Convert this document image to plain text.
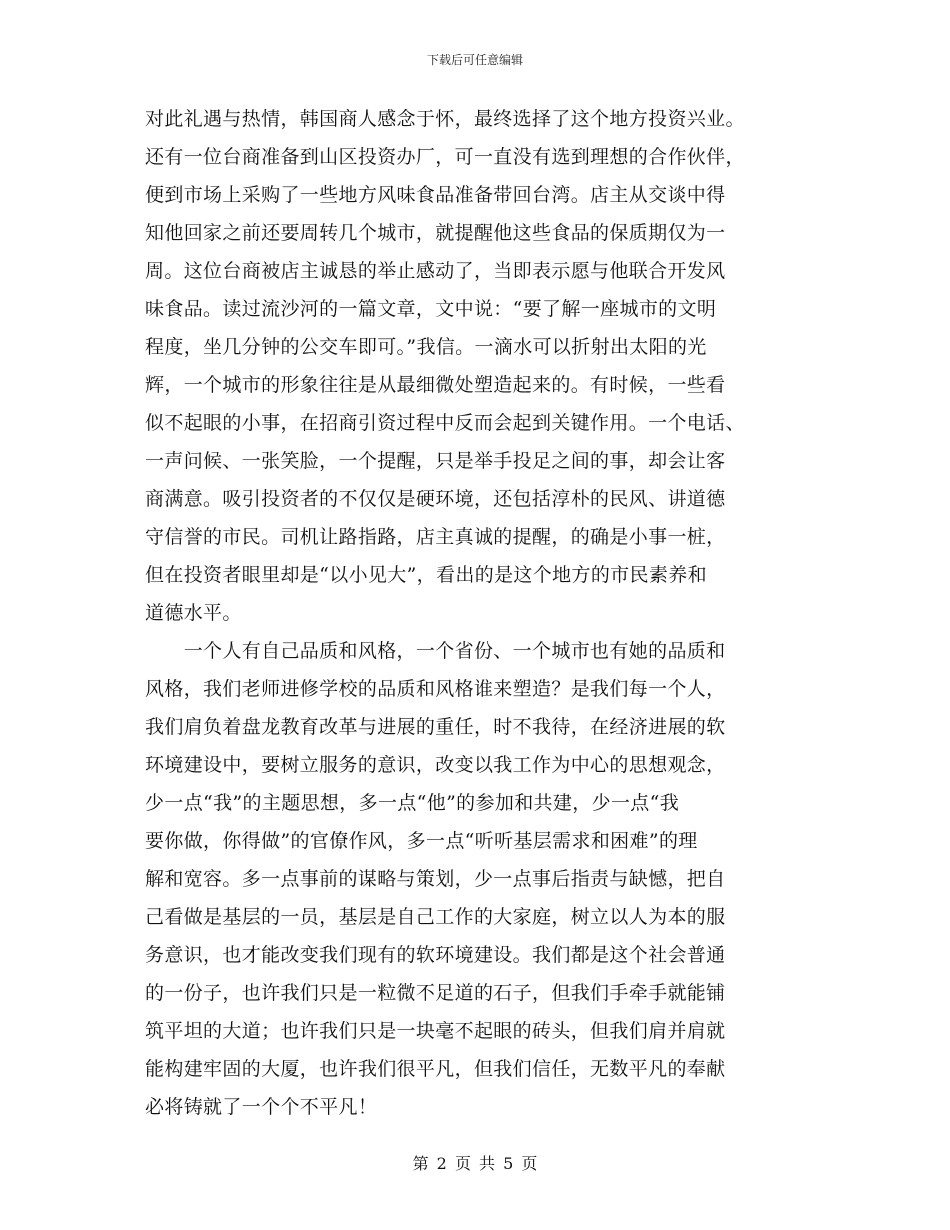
下载后可任意编辑
对此礼遇与热情，韩国商人感念于怀，最终选择了这个地方投资兴业。
还有一位台商准备到山区投资办厂，可一直没有选到理想的合作伙伴，
便到市场上采购了一些地方风味食品准备带回台湾。店主从交谈中得
知他回家之前还要周转几个城市，就提醒他这些食品的保质期仅为一
周。这位台商被店主诚恳的举止感动了，当即表示愿与他联合开发风
味食品。读过流沙河的一篇文章，文中说：“要了解一座城市的文明
程度，坐几分钟的公交车即可。”我信。一滴水可以折射出太阳的光
辉，一个城市的形象往往是从最细微处塑造起来的。有时候，一些看
似不起眼的小事，在招商引资过程中反而会起到关键作用。一个电话、
一声问候、一张笑脸，一个提醒，只是举手投足之间的事，却会让客
商满意。吸引投资者的不仅仅是硬环境，还包括淳朴的民风、讲道德
守信誉的市民。司机让路指路，店主真诚的提醒，的确是小事一桩，
但在投资者眼里却是“以小见大”，看出的是这个地方的市民素养和
道德水平。
　　一个人有自己品质和风格，一个省份、一个城市也有她的品质和
风格，我们老师进修学校的品质和风格谁来塑造？是我们每一个人，
我们肩负着盘龙教育改革与进展的重任，时不我待，在经济进展的软
环境建设中，要树立服务的意识，改变以我工作为中心的思想观念，
少一点“我”的主题思想，多一点“他”的参加和共建，少一点“我
要你做，你得做”的官僚作风，多一点“听听基层需求和困难”的理
解和宽容。多一点事前的谋略与策划，少一点事后指责与缺憾，把自
己看做是基层的一员，基层是自己工作的大家庭，树立以人为本的服
务意识，也才能改变我们现有的软环境建设。我们都是这个社会普通
的一份子，也许我们只是一粒微不足道的石子，但我们手牵手就能铺
筑平坦的大道；也许我们只是一块毫不起眼的砖头，但我们肩并肩就
能构建牢固的大厦，也许我们很平凡，但我们信任，无数平凡的奉献
必将铸就了一个个不平凡！
第 2 页 共 5 页
